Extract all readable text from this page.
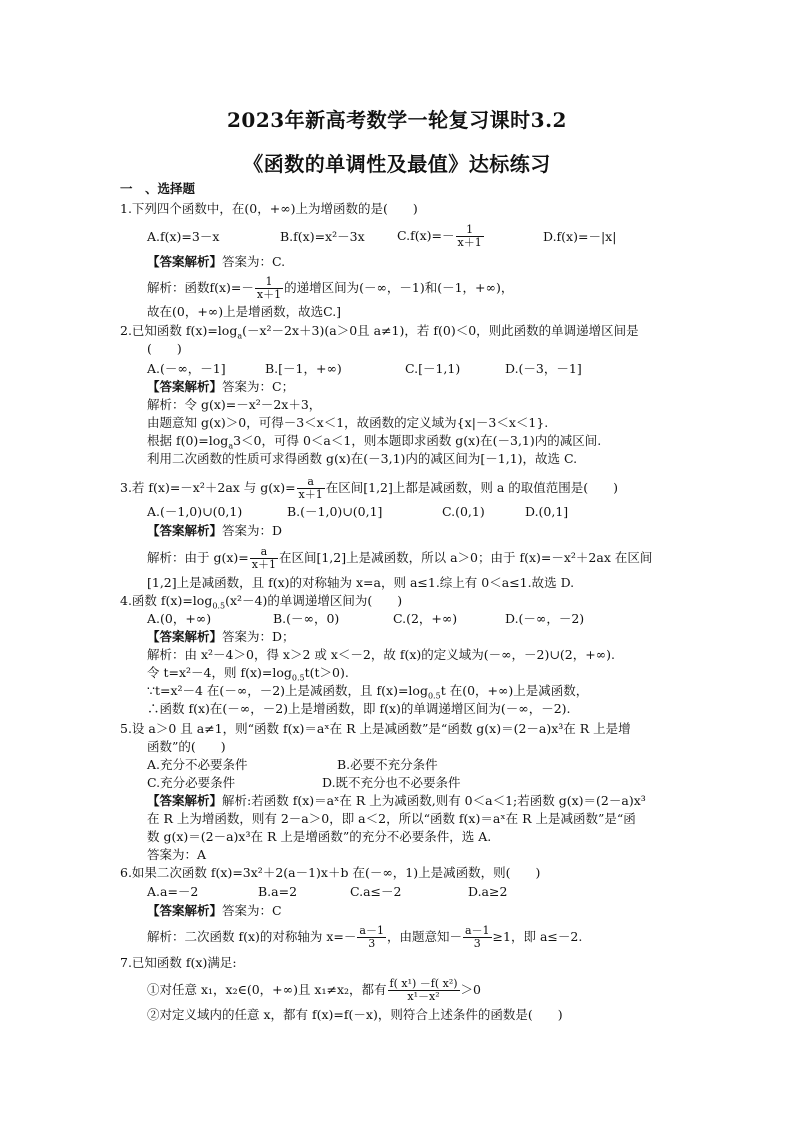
2023年新高考数学一轮复习课时3.2
《函数的单调性及最值》达标练习
一　、选择题
1.下列四个函数中，在(0，+∞)上为增函数的是(　　)
A.f(x)=3－x	B.f(x)=x²－3x	$C.f(x)=- \frac{1}{x+1}$	D.f(x)=－|x|
【答案解析】答案为：C.
解析：函数$f(x)=- \frac{1}{x+1}$ 的递增区间为(－∞，－1)和(－1，+∞)，
故在(0，+∞)上是增函数，故选C.]
2.已知函数 $f(x)=\log_a(-x^2-2x+3)(a>0$且 a≠1)，若 f(0)＜0，则此函数的单调递增区间是
(　　)
A.(－∞，－1]	B.[－1，+∞)	C.[－1,1)	D.(－3，－1]
【答案解析】答案为：C；
解析：令 g(x)=－x²－2x＋3，
由题意知 g(x)＞0，可得－3＜x＜1，故函数的定义域为{x|－3＜x＜1}.
根据 $f(0)=\log_a3<0$，可得 0＜a＜1，则本题即求函数 g(x)在(－3,1)内的减区间.
利用二次函数的性质可求得函数 g(x)在(－3,1)内的减区间为[－1,1)，故选 C.
3.若 f(x)=－x²＋2ax 与 $g(x)= \frac{a}{x+1}$ 在区间[1,2]上都是减函数，则 a 的取值范围是(　　)
A.(－1,0)∪(0,1)	B.(－1,0)∪(0,1]	C.(0,1)	D.(0,1]
【答案解析】答案为：D
解析：由于 $g(x)= \frac{a}{x+1}$ 在区间[1,2]上是减函数，所以 a＞0；由于 f(x)=－x²＋2ax 在区间
[1,2]上是减函数，且 f(x)的对称轴为 x=a，则 a≤1.综上有 0＜a≤1.故选 D.
4.函数 $f(x)=\log_{0.5}(x^2-4)$的单调递增区间为(　　)
A.(0，+∞)	B.(－∞，0)	C.(2，+∞)	D.(－∞，－2)
【答案解析】答案为：D；
解析：由 x²－4＞0，得 x＞2 或 x＜－2，故 f(x)的定义域为(－∞，－2)∪(2，+∞).
令 t=x²－4，则 $f(x)=\log_{0.5}t(t>0)$.
∵t=x²－4 在(－∞，－2)上是减函数，且 $f(x)=\log_{0.5}t$ 在(0，+∞)上是减函数，
∴函数 f(x)在(－∞，－2)上是增函数，即 f(x)的单调递增区间为(－∞，－2).
5.设 a＞0 且 a≠1，则“函数 f(x)＝aˣ在 R 上是减函数”是“函数 g(x)＝(2－a)x³在 R 上是增
函数”的(　　)
A.充分不必要条件	B.必要不充分条件
C.充分必要条件	D.既不充分也不必要条件
【答案解析】解析:若函数 f(x)＝aˣ在 R 上为减函数,则有 0＜a＜1;若函数 g(x)＝(2－a)x³
在 R 上为增函数，则有 2－a＞0，即 a＜2，所以“函数 f(x)＝aˣ在 R 上是减函数”是“函
数 g(x)＝(2－a)x³在 R 上是增函数”的充分不必要条件，选 A.
答案为：A
6.如果二次函数 f(x)=3x²＋2(a－1)x＋b 在(－∞，1)上是减函数，则(　　)
A.a=－2	B.a=2	C.a≤－2	D.a≥2
【答案解析】答案为：C
解析：二次函数 f(x)的对称轴为 $x=- \frac{a-1}{3}$ ，由题意知－ $\frac{a-1}{3} \ge 1$，即 a≤－2.
7.已知函数 f(x)满足:
①对任意 x₁，x₂∈(0，+∞)且 x₁≠x₂，都有 $\frac{\text{f( x¹) －f( x²)}}{\text{x¹－x²}} >0$
②对定义域内的任意 x，都有 f(x)=f(－x)，则符合上述条件的函数是(　　)
